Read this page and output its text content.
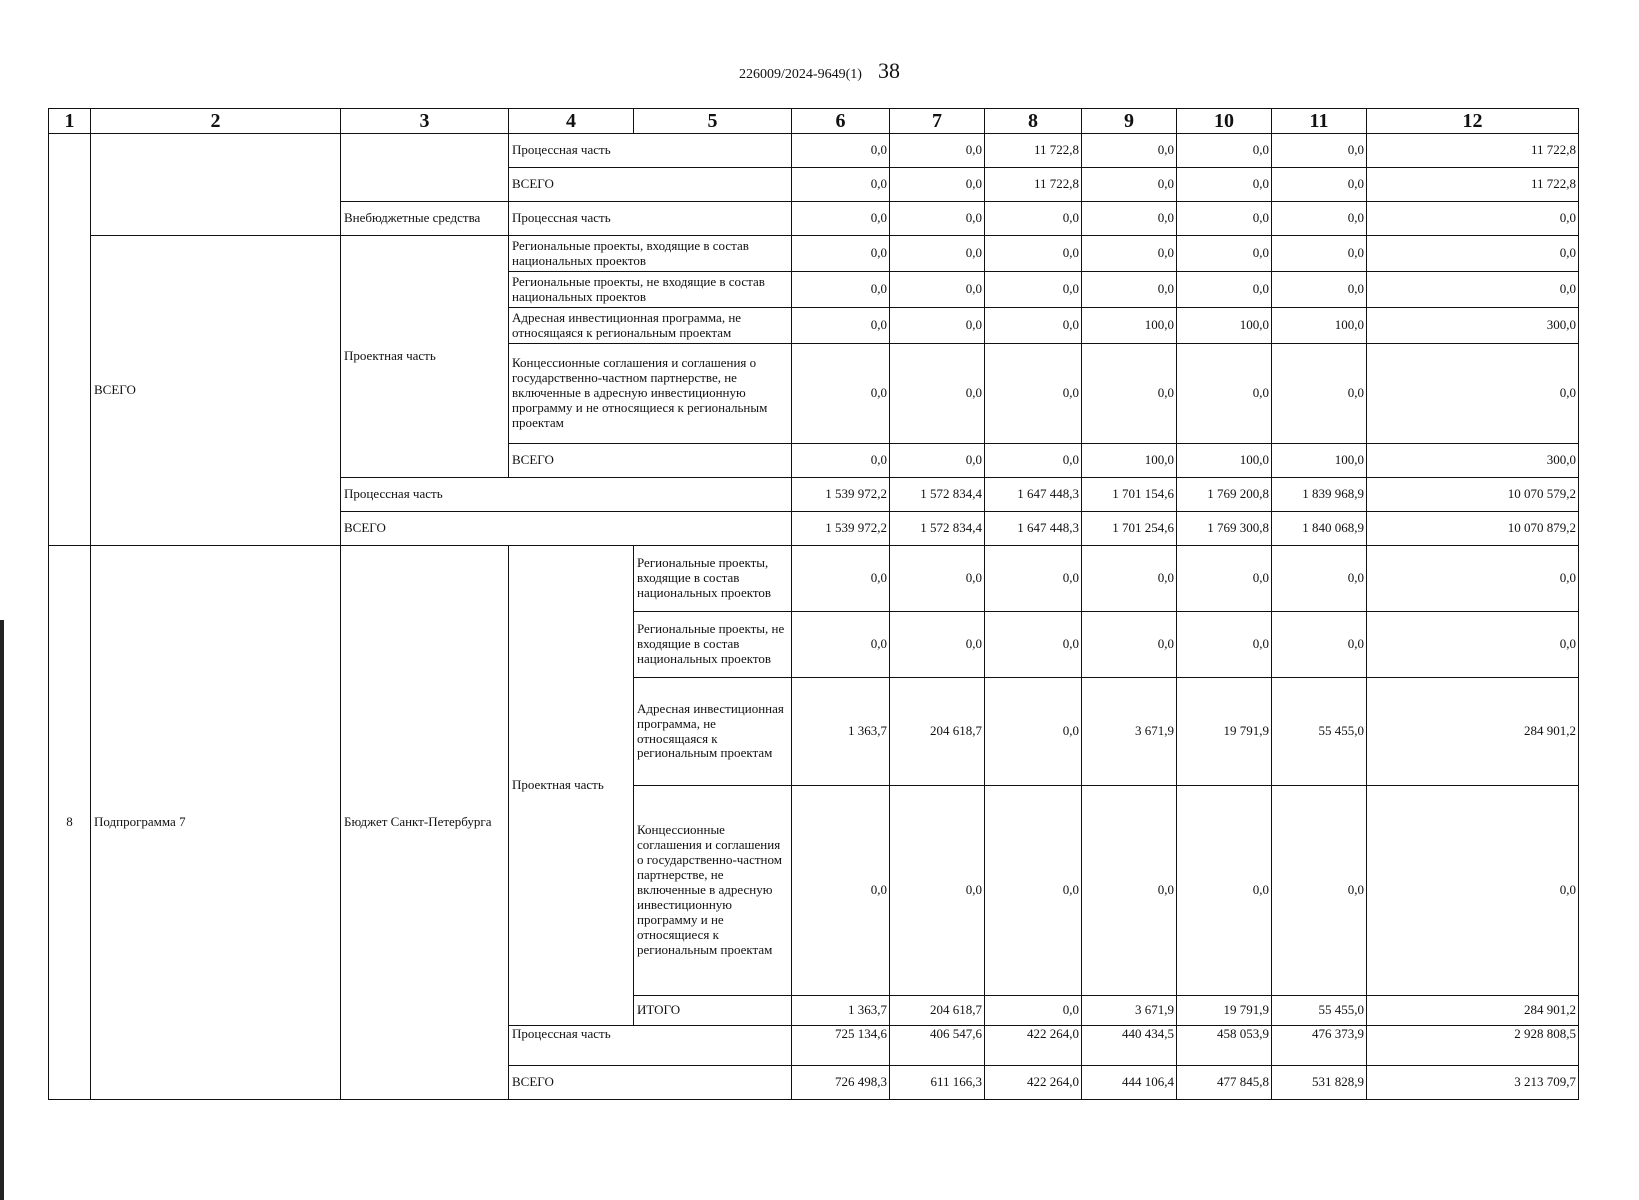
226009/2024-9649(1) 38
1	2	3	4	5	6	7	8	9	10	11	12
			Процессная часть		0,0	0,0	11 722,8	0,0	0,0	0,0	11 722,8
			ВСЕГО		0,0	0,0	11 722,8	0,0	0,0	0,0	11 722,8
		Внебюджетные средства	Процессная часть		0,0	0,0	0,0	0,0	0,0	0,0	0,0
	ВСЕГО	Проектная часть	Региональные проекты, входящие в состав национальных проектов		0,0	0,0	0,0	0,0	0,0	0,0	0,0
			Региональные проекты, не входящие в состав национальных проектов		0,0	0,0	0,0	0,0	0,0	0,0	0,0
			Адресная инвестиционная программа, не относящаяся к региональным проектам		0,0	0,0	0,0	100,0	100,0	100,0	300,0
			Концессионные соглашения и соглашения о государственно-частном партнерстве, не включенные в адресную инвестиционную программу и не относящиеся к региональным проектам		0,0	0,0	0,0	0,0	0,0	0,0	0,0
			ВСЕГО		0,0	0,0	0,0	100,0	100,0	100,0	300,0
		Процессная часть			1 539 972,2	1 572 834,4	1 647 448,3	1 701 154,6	1 769 200,8	1 839 968,9	10 070 579,2
		ВСЕГО			1 539 972,2	1 572 834,4	1 647 448,3	1 701 254,6	1 769 300,8	1 840 068,9	10 070 879,2
8	Подпрограмма 7	Бюджет Санкт-Петербурга	Проектная часть	Региональные проекты, входящие в состав национальных проектов	0,0	0,0	0,0	0,0	0,0	0,0	0,0
				Региональные проекты, не входящие в состав национальных проектов	0,0	0,0	0,0	0,0	0,0	0,0	0,0
				Адресная инвестиционная программа, не относящаяся к региональным проектам	1 363,7	204 618,7	0,0	3 671,9	19 791,9	55 455,0	284 901,2
				Концессионные соглашения и соглашения о государственно-частном партнерстве, не включенные в адресную инвестиционную программу и не относящиеся к региональным проектам	0,0	0,0	0,0	0,0	0,0	0,0	0,0
				ИТОГО	1 363,7	204 618,7	0,0	3 671,9	19 791,9	55 455,0	284 901,2
			Процессная часть		725 134,6	406 547,6	422 264,0	440 434,5	458 053,9	476 373,9	2 928 808,5
			ВСЕГО		726 498,3	611 166,3	422 264,0	444 106,4	477 845,8	531 828,9	3 213 709,7
